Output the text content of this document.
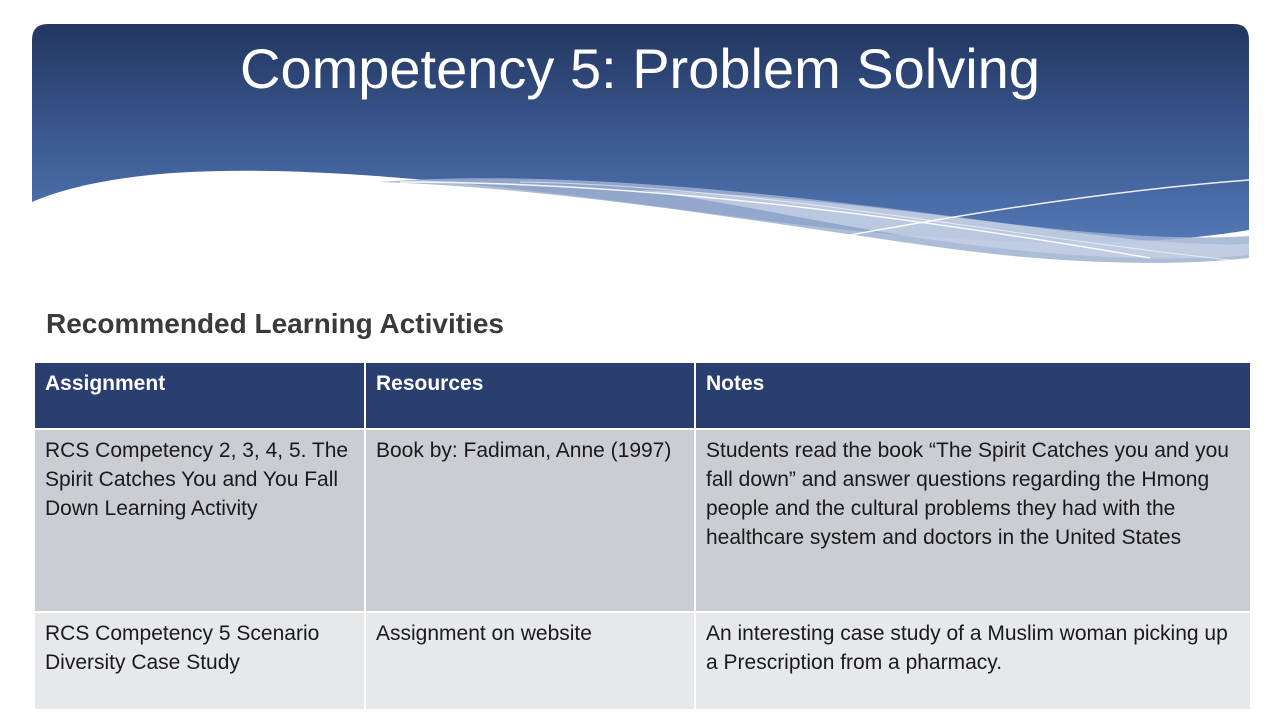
Competency 5: Problem Solving
Recommended Learning Activities
Assignment	Resources	Notes
RCS Competency 2, 3, 4, 5. The Spirit Catches You and You Fall Down Learning Activity	Book by: Fadiman, Anne (1997)	Students read the book “The Spirit Catches you and you fall down” and answer questions regarding the Hmong people and the cultural problems they had with the healthcare system and doctors in the United States
RCS Competency 5 Scenario Diversity Case Study	Assignment on website	An interesting case study of a Muslim woman picking up a Prescription from a pharmacy.
